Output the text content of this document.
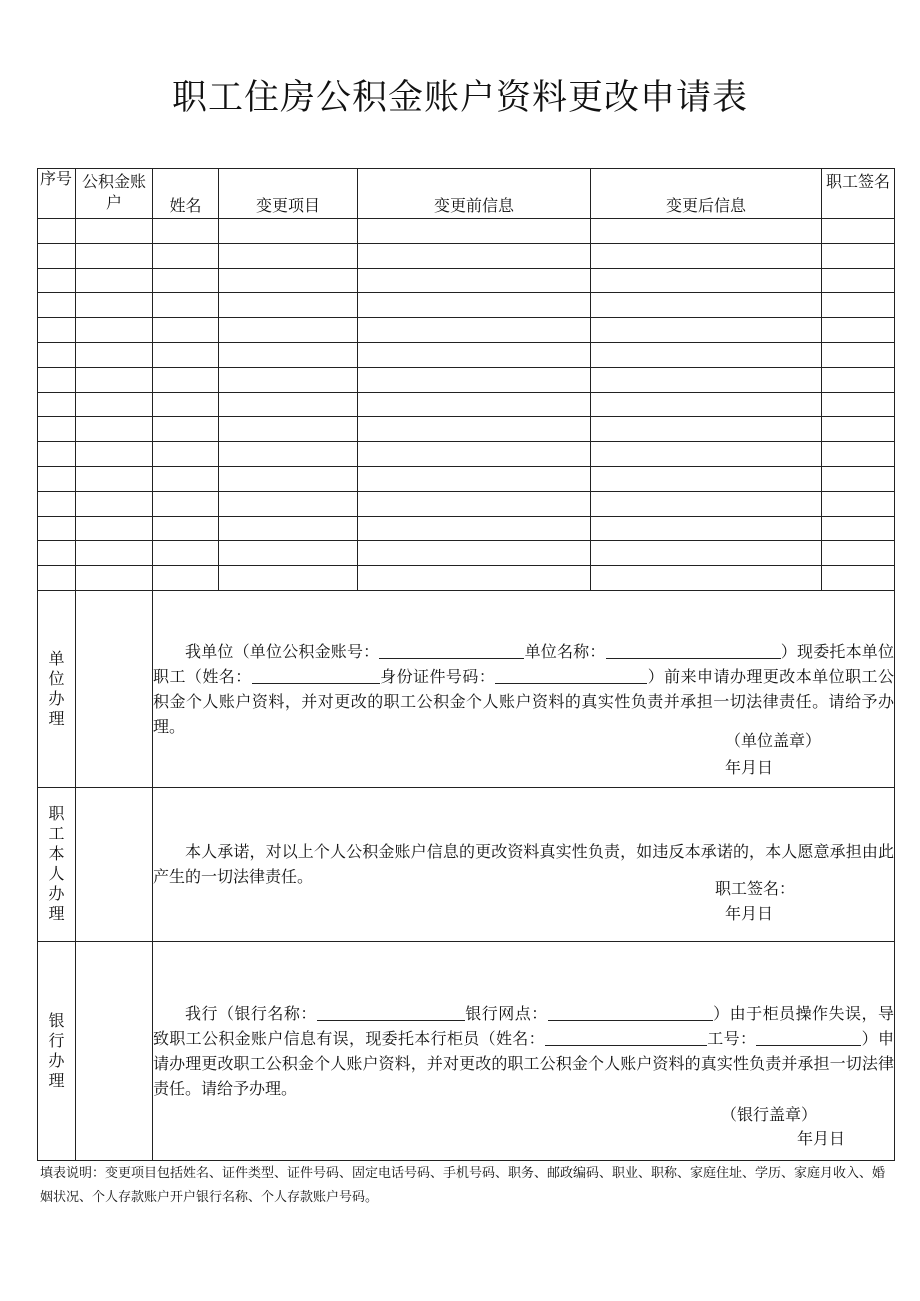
职工住房公积金账户资料更改申请表
序号	公积金账户	姓名	变更项目	变更前信息	变更后信息	职工签名

单位办理		我单位（单位公积金账号： 单位名称： ）现委托本单位职工（姓名： 身份证件号码： ）前来申请办理更改本单位职工公积金个人账户资料，并对更改的职工公积金个人账户资料的真实性负责并承担一切法律责任。请给予办理。
（单位盖章）
年月日				

职工本人办理		本人承诺，对以上个人公积金账户信息的更改资料真实性负责，如违反本承诺的，本人愿意承担由此产生的一切法律责任。
职工签名：
年月日				

银行办理		我行（银行名称： 银行网点： ）由于柜员操作失误，导致职工公积金账户信息有误，现委托本行柜员（姓名： 工号： ）申请办理更改职工公积金个人账户资料，并对更改的职工公积金个人账户资料的真实性负责并承担一切法律责任。请给予办理。
（银行盖章）
年月日				
填表说明：变更项目包括姓名、证件类型、证件号码、固定电话号码、手机号码、职务、邮政编码、职业、职称、家庭住址、学历、家庭月收入、婚姻状况、个人存款账户开户银行名称、个人存款账户号码。
